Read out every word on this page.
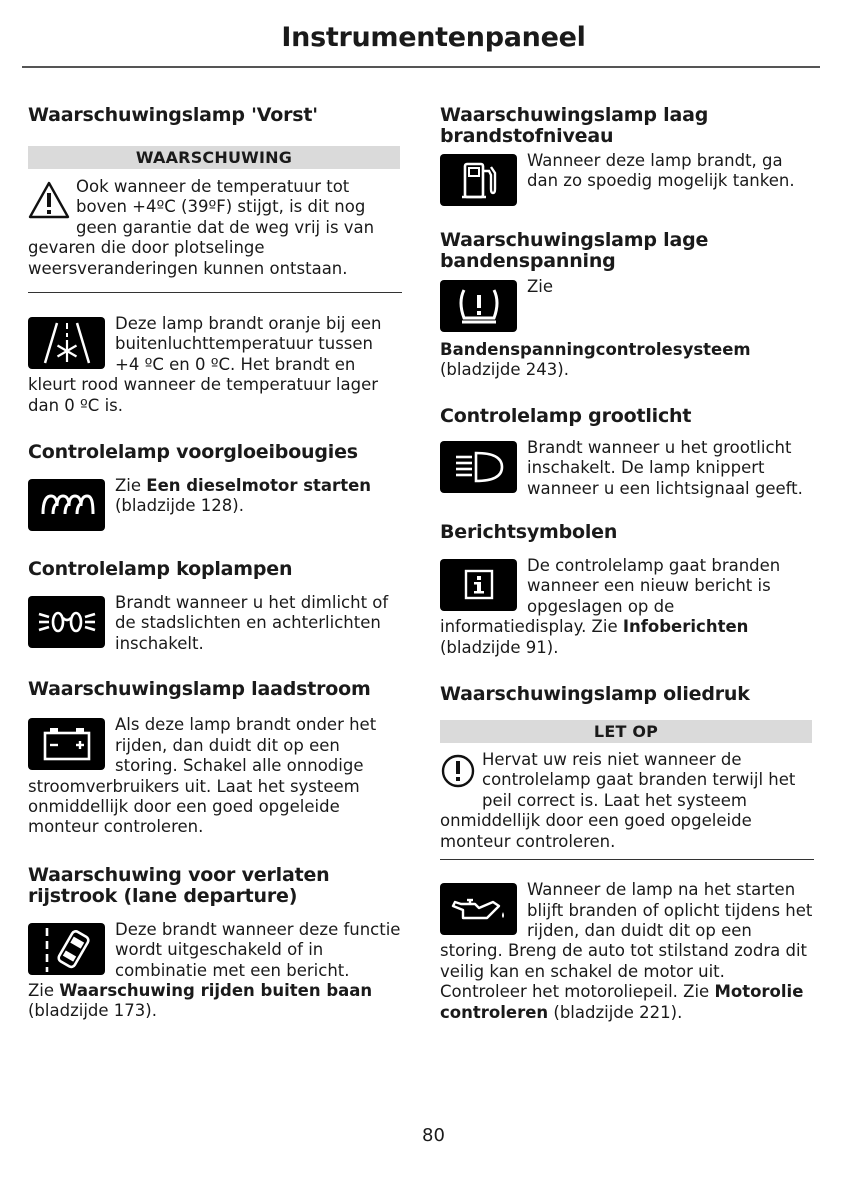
Instrumentenpaneel
Waarschuwingslamp 'Vorst'
WAARSCHUWING

Ook wanneer de temperatuur tot boven +4ºC (39ºF) stijgt, is dit nog geen garantie dat de weg vrij is van gevaren die door plotselinge weersveranderingen kunnen ontstaan.

Deze lamp brandt oranje bij een buitenluchttemperatuur tussen +4 ºC en 0 ºC. Het brandt en kleurt rood wanneer de temperatuur lager dan 0 ºC is.

Controlelamp voorgloeibougies

Zie Een dieselmotor starten (bladzijde 128).

Controlelamp koplampen

Brandt wanneer u het dimlicht of de stadslichten en achterlichten inschakelt.

Waarschuwingslamp laadstroom

Als deze lamp brandt onder het rijden, dan duidt dit op een storing. Schakel alle onnodige stroomverbruikers uit. Laat het systeem onmiddellijk door een goed opgeleide monteur controleren.

Waarschuwing voor verlaten rijstrook (lane departure)

Deze brandt wanneer deze functie wordt uitgeschakeld of in combinatie met een bericht.

Zie Waarschuwing rijden buiten baan (bladzijde 173).

Waarschuwingslamp laag brandstofniveau

Wanneer deze lamp brandt, ga dan zo spoedig mogelijk tanken.

Waarschuwingslamp lage bandenspanning

Zie

Bandenspanningcontrolesysteem (bladzijde 243).

Controlelamp grootlicht

Brandt wanneer u het grootlicht inschakelt. De lamp knippert wanneer u een lichtsignaal geeft.

Berichtsymbolen

De controlelamp gaat branden wanneer een nieuw bericht is opgeslagen op de informatiedisplay. Zie Infoberichten (bladzijde 91).

Waarschuwingslamp oliedruk
LET OP

Hervat uw reis niet wanneer de controlelamp gaat branden terwijl het peil correct is. Laat het systeem onmiddellijk door een goed opgeleide monteur controleren.

Wanneer de lamp na het starten blijft branden of oplicht tijdens het rijden, dan duidt dit op een storing. Breng de auto tot stilstand zodra dit veilig kan en schakel de motor uit. Controleer het motoroliepeil. Zie Motorolie controleren (bladzijde 221).

80
